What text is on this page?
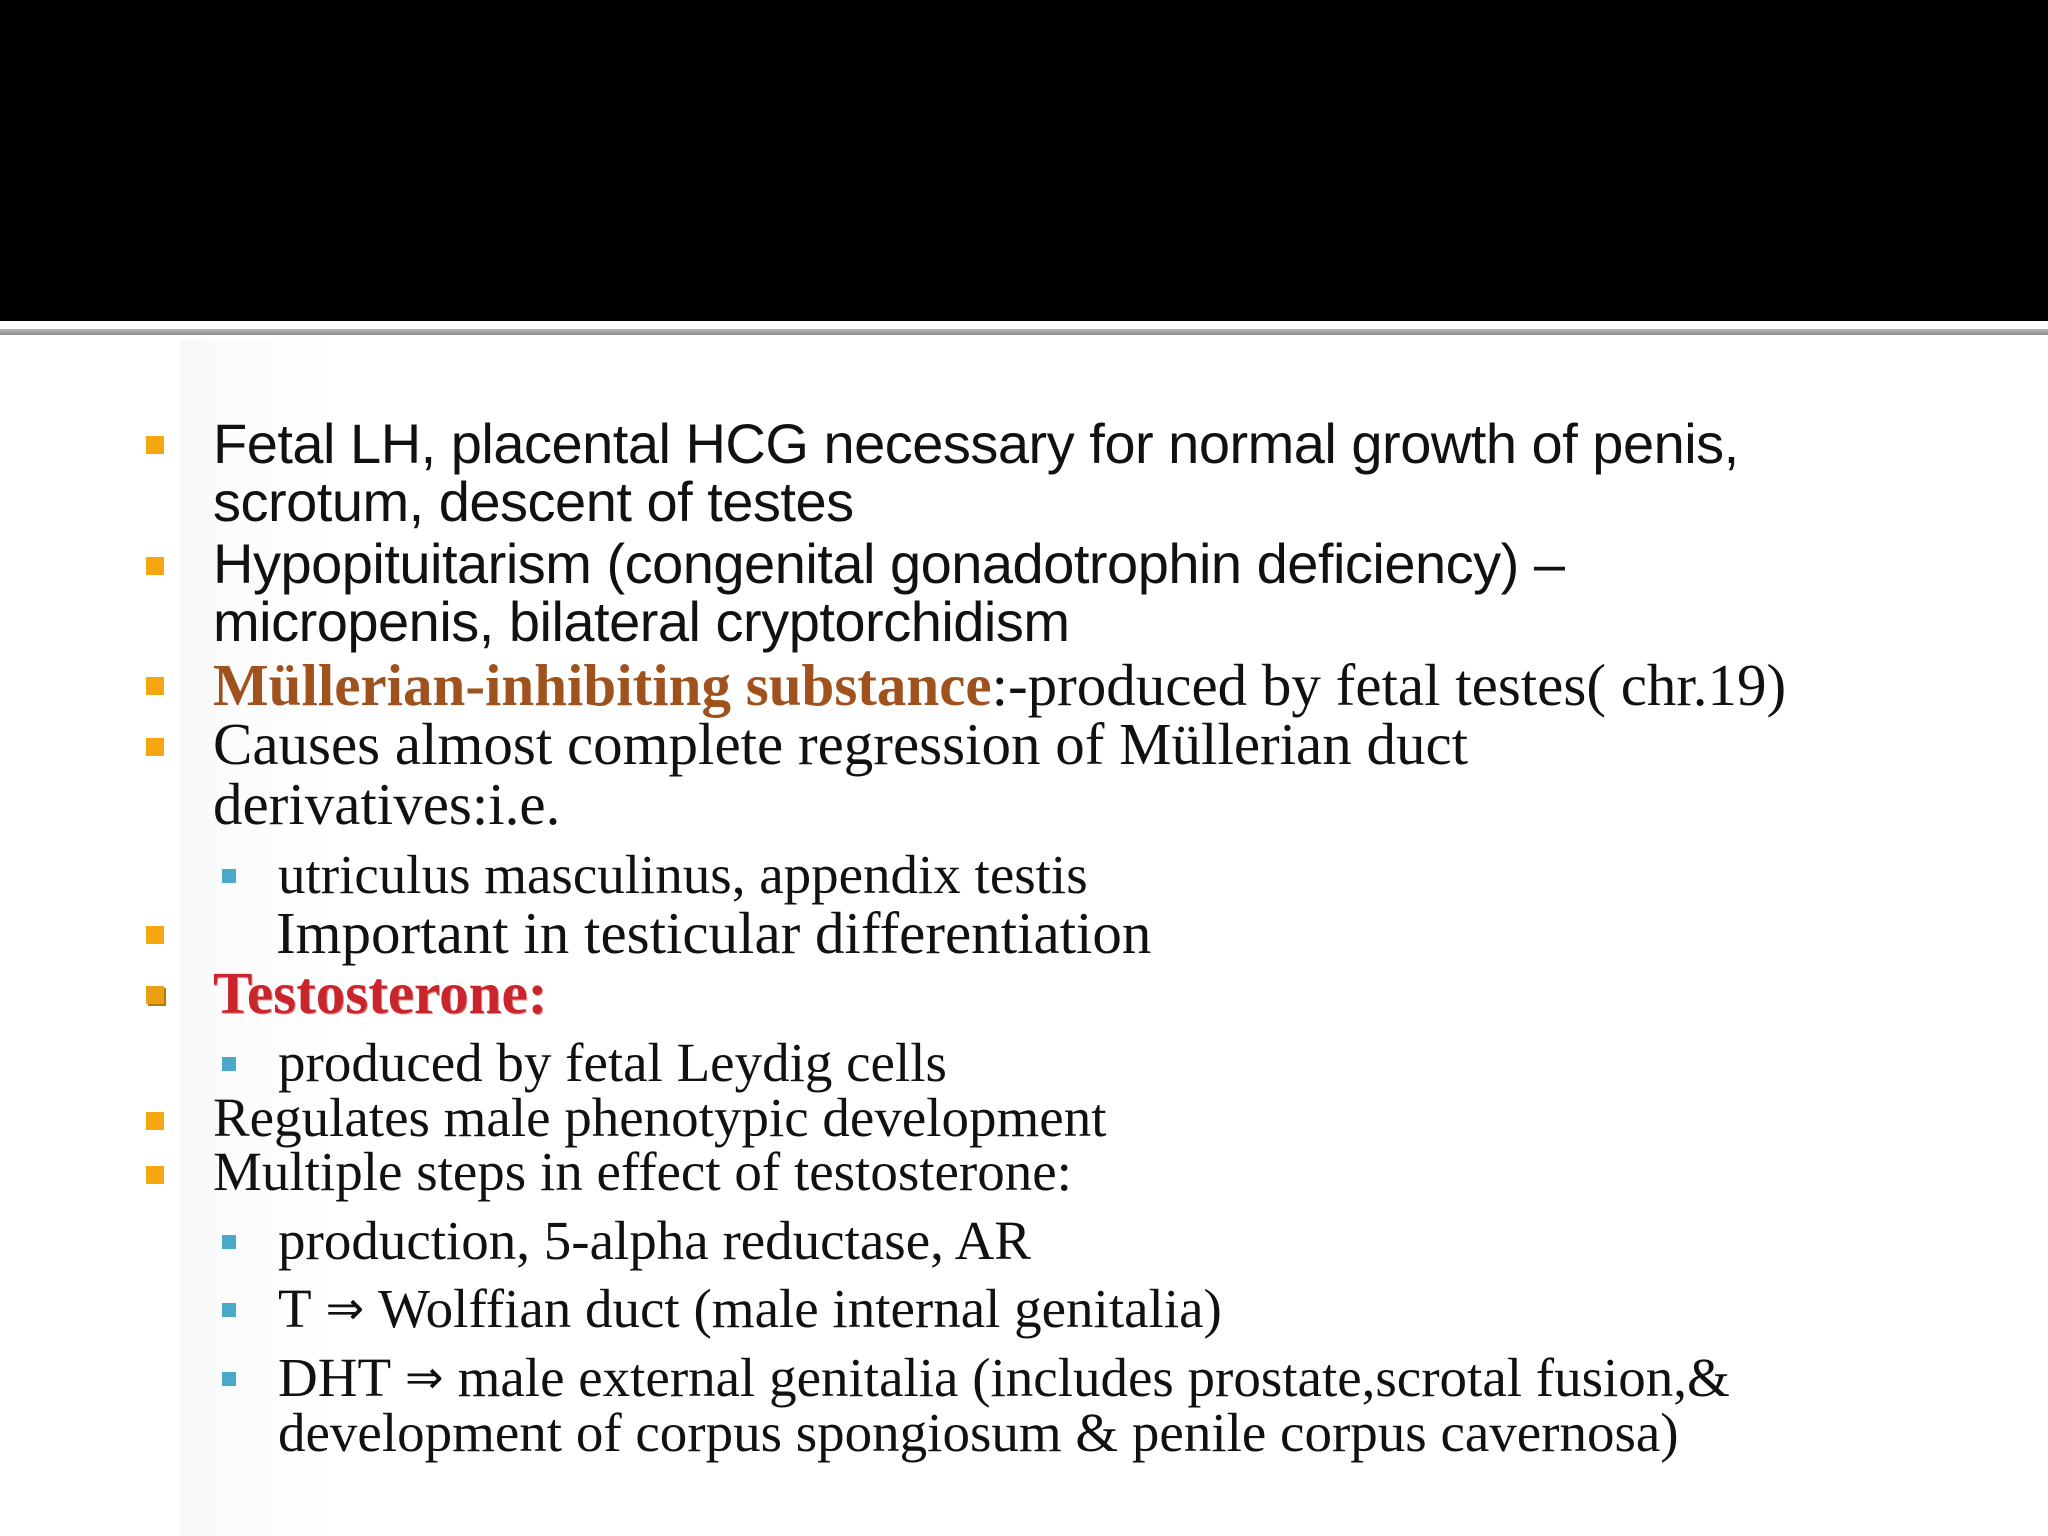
Fetal LH, placental HCG necessary for normal growth of penis,
scrotum, descent of testes
Hypopituitarism (congenital gonadotrophin deficiency) –
micropenis, bilateral cryptorchidism
Müllerian-inhibiting substance:-produced by fetal testes( chr.19)
Causes almost complete regression of Müllerian duct
derivatives:i.e.
utriculus masculinus, appendix testis
Important in testicular differentiation
Testosterone:
produced by fetal Leydig cells
Regulates male phenotypic development
Multiple steps in effect of testosterone:
production, 5-alpha reductase, AR
T ⇒ Wolffian duct (male internal genitalia)
DHT ⇒ male external genitalia (includes prostate,scrotal fusion,&
development of corpus spongiosum & penile corpus cavernosa)
